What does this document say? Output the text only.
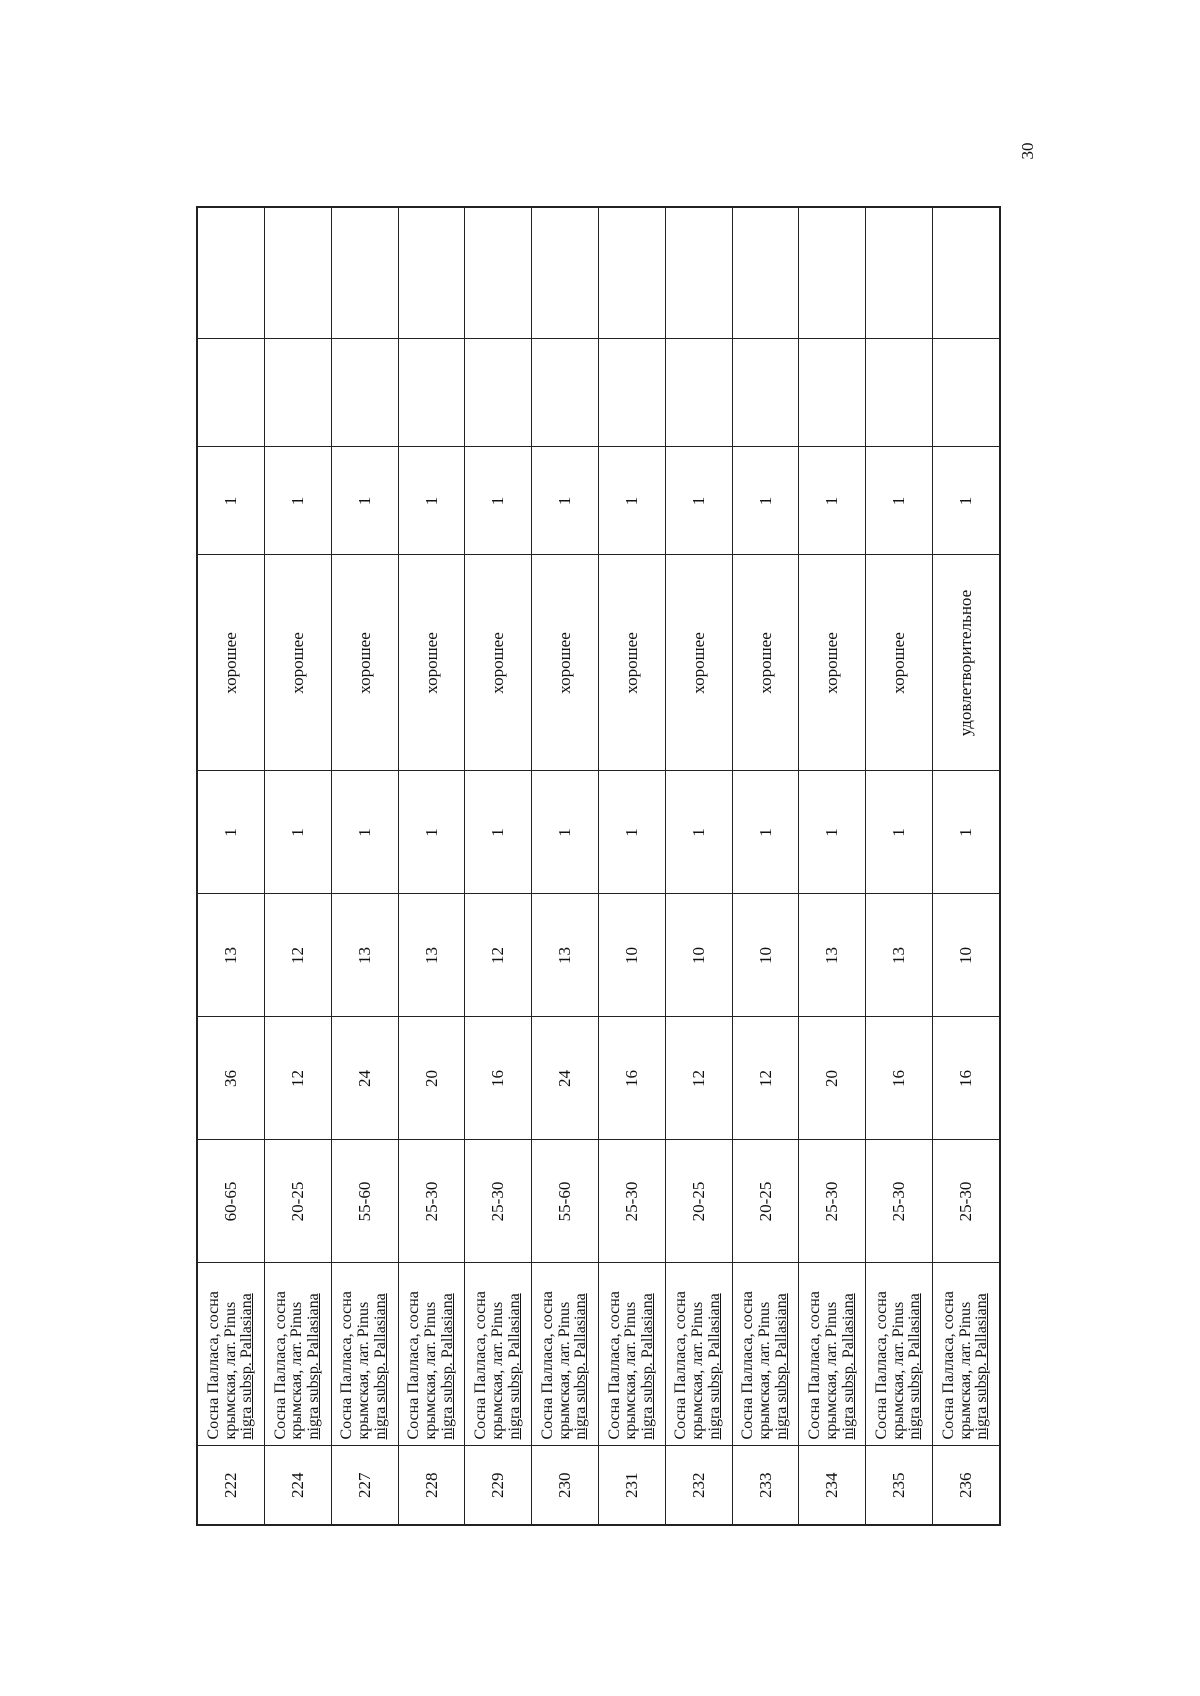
30
222	Сосна Палласа, сосна крымская, лат. Pinus nigra subsp. Pallasiana	60-65	36	13	1	хорошее	1		
224	Сосна Палласа, сосна крымская, лат. Pinus nigra subsp. Pallasiana	20-25	12	12	1	хорошее	1		
227	Сосна Палласа, сосна крымская, лат. Pinus nigra subsp. Pallasiana	55-60	24	13	1	хорошее	1		
228	Сосна Палласа, сосна крымская, лат. Pinus nigra subsp. Pallasiana	25-30	20	13	1	хорошее	1		
229	Сосна Палласа, сосна крымская, лат. Pinus nigra subsp. Pallasiana	25-30	16	12	1	хорошее	1		
230	Сосна Палласа, сосна крымская, лат. Pinus nigra subsp. Pallasiana	55-60	24	13	1	хорошее	1		
231	Сосна Палласа, сосна крымская, лат. Pinus nigra subsp. Pallasiana	25-30	16	10	1	хорошее	1		
232	Сосна Палласа, сосна крымская, лат. Pinus nigra subsp. Pallasiana	20-25	12	10	1	хорошее	1		
233	Сосна Палласа, сосна крымская, лат. Pinus nigra subsp. Pallasiana	20-25	12	10	1	хорошее	1		
234	Сосна Палласа, сосна крымская, лат. Pinus nigra subsp. Pallasiana	25-30	20	13	1	хорошее	1		
235	Сосна Палласа, сосна крымская, лат. Pinus nigra subsp. Pallasiana	25-30	16	13	1	хорошее	1		
236	Сосна Палласа, сосна крымская, лат. Pinus nigra subsp. Pallasiana	25-30	16	10	1	удовлетворительное	1		
